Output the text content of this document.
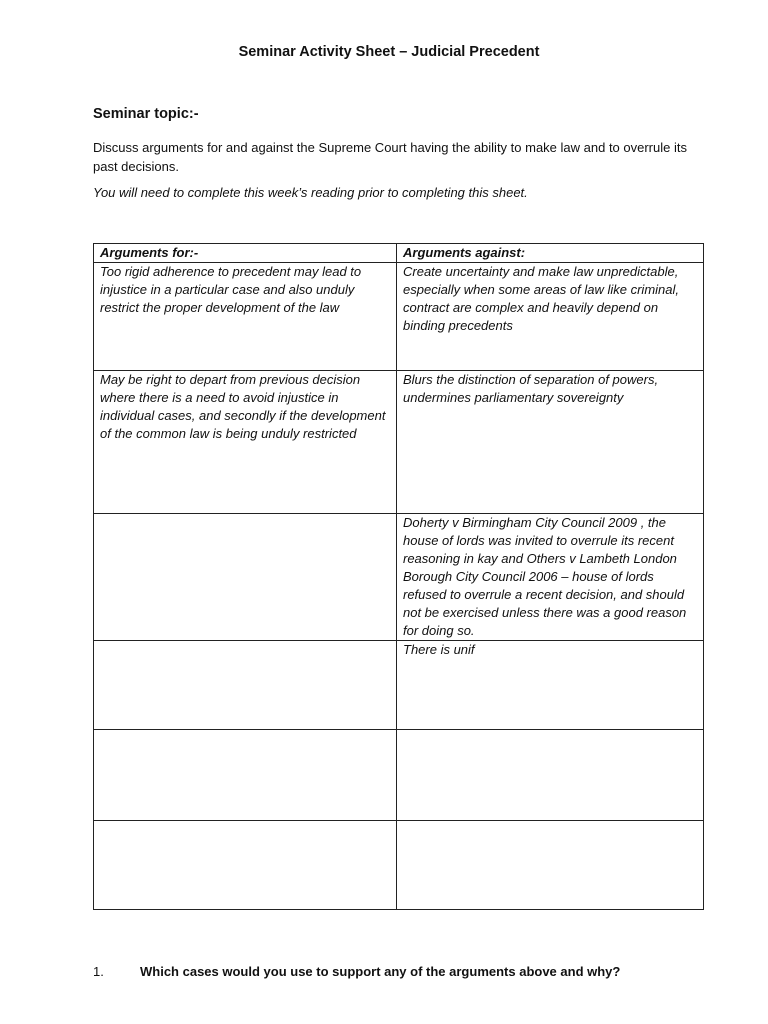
Seminar Activity Sheet – Judicial Precedent
Seminar topic:-
Discuss arguments for and against the Supreme Court having the ability to make law and to overrule its past decisions.
You will need to complete this week’s reading prior to completing this sheet.
Arguments for:-	Arguments against:
Too rigid adherence to precedent may lead to injustice in a particular case and also unduly restrict the proper development of the law	Create uncertainty and make law unpredictable, especially when some areas of law like criminal, contract are complex and heavily depend on binding precedents
May be right to depart from previous decision where there is a need to avoid injustice in individual cases, and secondly if the development of the common law is being unduly restricted	Blurs the distinction of separation of powers, undermines parliamentary sovereignty
	Doherty v Birmingham City Council 2009 , the house of lords was invited to overrule its recent reasoning in kay and Others v Lambeth London Borough City Council 2006 – house of lords refused to overrule a recent decision, and should not be exercised unless there was a good reason for doing so.
	There is unif

1.	Which cases would you use to support any of the arguments above and why?
